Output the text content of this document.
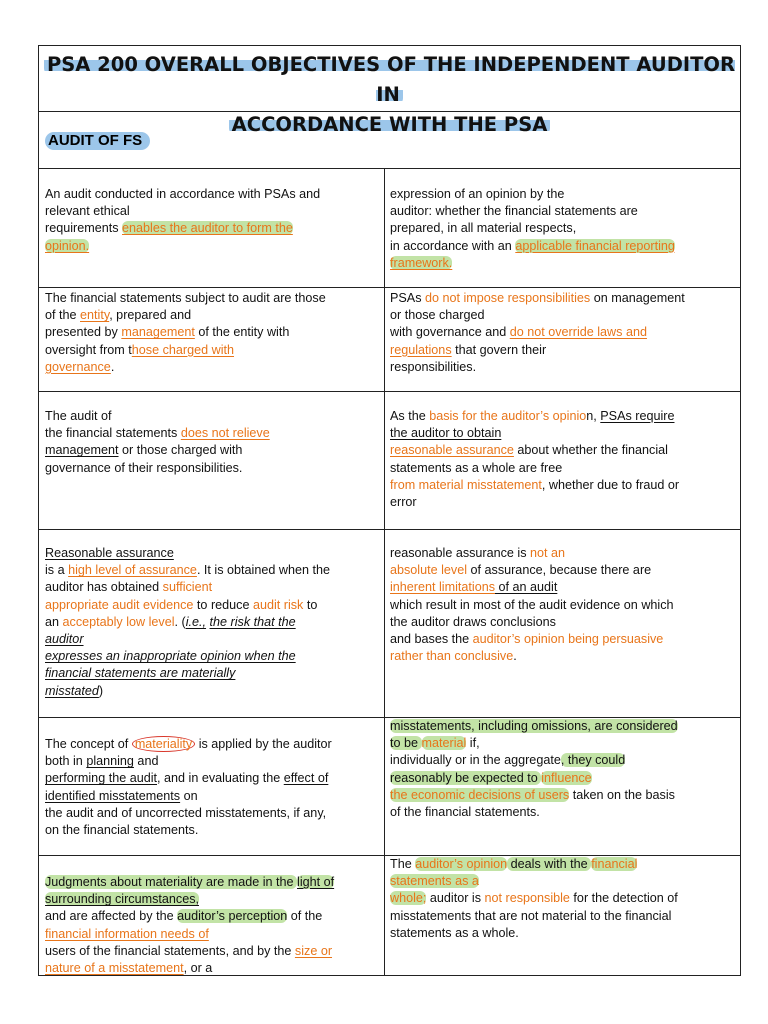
PSA 200 OVERALL OBJECTIVES OF THE INDEPENDENT AUDITOR IN
ACCORDANCE WITH THE PSA
AUDIT OF FS

An audit conducted in accordance with PSAs and

relevant ethical

requirements enables the auditor to form the

opinion.

expression of an opinion by the

auditor: whether the financial statements are

prepared, in all material respects,

in accordance with an applicable financial reporting

framework.

The financial statements subject to audit are those

of the entity, prepared and

presented by management of the entity with

oversight from those charged with

governance.

PSAs do not impose responsibilities on management

or those charged

with governance and do not override laws and

regulations that govern their

responsibilities.

The audit of

the financial statements does not relieve

management or those charged with

governance of their responsibilities.

As the basis for the auditor’s opinion, PSAs require

the auditor to obtain

reasonable assurance about whether the financial

statements as a whole are free

from material misstatement, whether due to fraud or

error

Reasonable assurance

is a high level of assurance. It is obtained when the

auditor has obtained sufficient

appropriate audit evidence to reduce audit risk to

an acceptably low level. (i.e., the risk that the

auditor

expresses an inappropriate opinion when the

financial statements are materially

misstated)

reasonable assurance is not an

absolute level of assurance, because there are

inherent limitations of an audit

which result in most of the audit evidence on which

the auditor draws conclusions

and bases the auditor’s opinion being persuasive

rather than conclusive.

The concept of materiality is applied by the auditor

both in planning and

performing the audit, and in evaluating the effect of

identified misstatements on

the audit and of uncorrected misstatements, if any,

on the financial statements.

misstatements, including omissions, are considered

to be material if,

individually or in the aggregate, they could

reasonably be expected to influence

the economic decisions of users taken on the basis

of the financial statements.

Judgments about materiality are made in the light of

surrounding circumstances,

and are affected by the auditor’s perception of the

financial information needs of

users of the financial statements, and by the size or

nature of a misstatement, or a

The auditor’s opinion deals with the financial

statements as a

whole; auditor is not responsible for the detection of

misstatements that are not material to the financial

statements as a whole.
